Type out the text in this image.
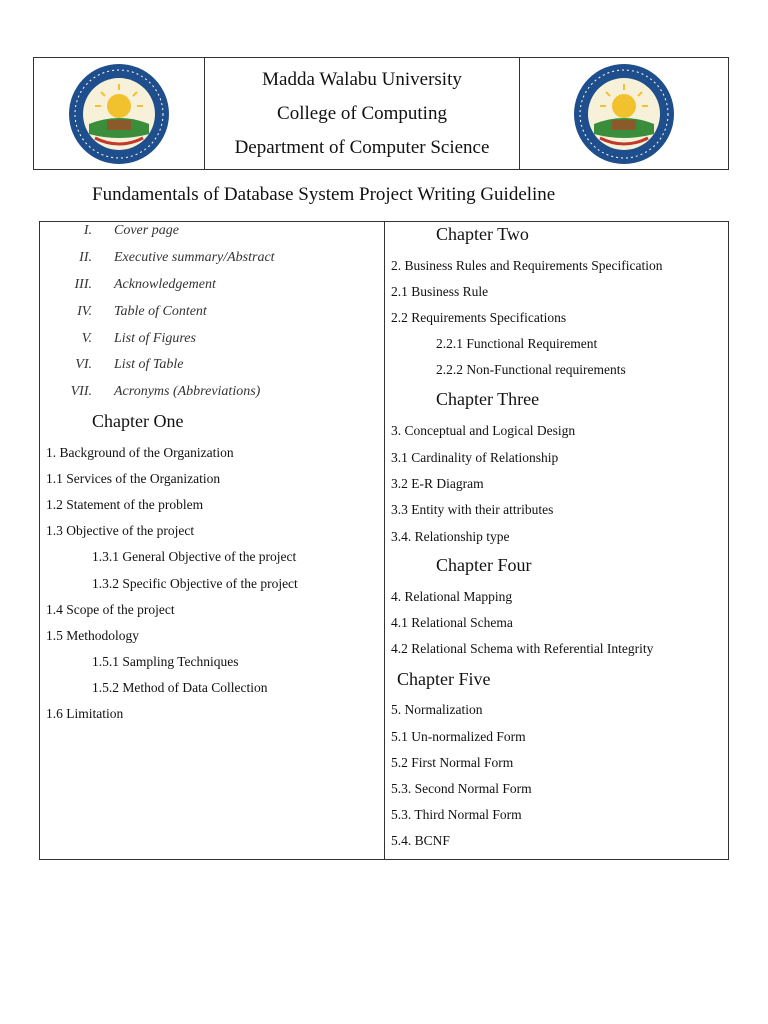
Madda Walabu University
College of Computing
Department of Computer Science
Fundamentals of Database System Project Writing Guideline
I. Cover page
II. Executive summary/Abstract
III. Acknowledgement
IV. Table of Content
V. List of Figures
VI. List of Table
VII. Acronyms (Abbreviations)
Chapter One
1. Background of the Organization
1.1 Services of the Organization
1.2 Statement of the problem
1.3 Objective of the project
1.3.1 General Objective of the project
1.3.2 Specific Objective of the project
1.4 Scope of the project
1.5 Methodology
1.5.1 Sampling Techniques
1.5.2 Method of Data Collection
1.6 Limitation
Chapter Two
2. Business Rules and Requirements Specification
2.1 Business Rule
2.2 Requirements Specifications
2.2.1 Functional Requirement
2.2.2 Non-Functional requirements
Chapter Three
3. Conceptual and Logical Design
3.1 Cardinality of Relationship
3.2 E-R Diagram
3.3 Entity with their attributes
3.4. Relationship type
Chapter Four
4. Relational Mapping
4.1 Relational Schema
4.2 Relational Schema with Referential Integrity
Chapter Five
5. Normalization
5.1 Un-normalized Form
5.2 First Normal Form
5.3. Second Normal Form
5.3. Third Normal Form
5.4. BCNF
